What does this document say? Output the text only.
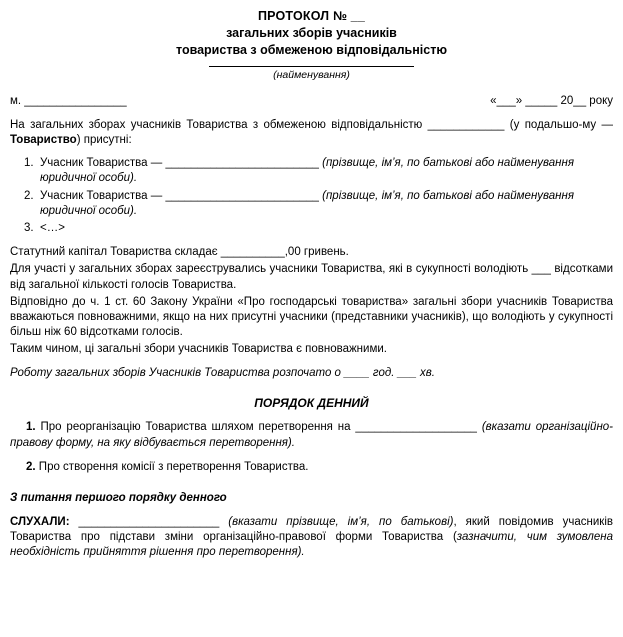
ПРОТОКОЛ № __
загальних зборів учасників
товариства з обмеженою відповідальністю
(найменування)
м. ________________	«___» _____ 20__ року

На загальних зборах учасників Товариства з обмеженою відповідальністю ____________ (у подальшо-му — Товариство) присутні:

1. Учасник Товариства — ________________________ (прізвище, ім’я, по батькові або найменування юридичної особи).
2. Учасник Товариства — ________________________ (прізвище, ім’я, по батькові або найменування юридичної особи).
3. <…>

Статутний капітал Товариства складає __________,00 гривень.

Для участі у загальних зборах зареєструвались учасники Товариства, які в сукупності володіють ___ відсотками від загальної кількості голосів Товариства.

Відповідно до ч. 1 ст. 60 Закону України «Про господарські товариства» загальні збори учасників Товариства вважаються повноважними, якщо на них присутні учасники (представники учасників), що володіють у сукупності більш ніж 60 відсотками голосів.

Таким чином, ці загальні збори учасників Товариства є повноважними.

Роботу загальних зборів Учасників Товариства розпочато о ____ год. ___ хв.

ПОРЯДОК ДЕННИЙ

1. Про реорганізацію Товариства шляхом перетворення на ___________________ (вказати організаційно-правову форму, на яку відбувається перетворення).

2. Про створення комісії з перетворення Товариства.

З питання першого порядку денного

СЛУХАЛИ: ______________________ (вказати прізвище, ім’я, по батькові), який повідомив учасників Товариства про підстави зміни організаційно-правової форми Товариства (зазначити, чим зумовлена необхідність прийняття рішення про перетворення).
